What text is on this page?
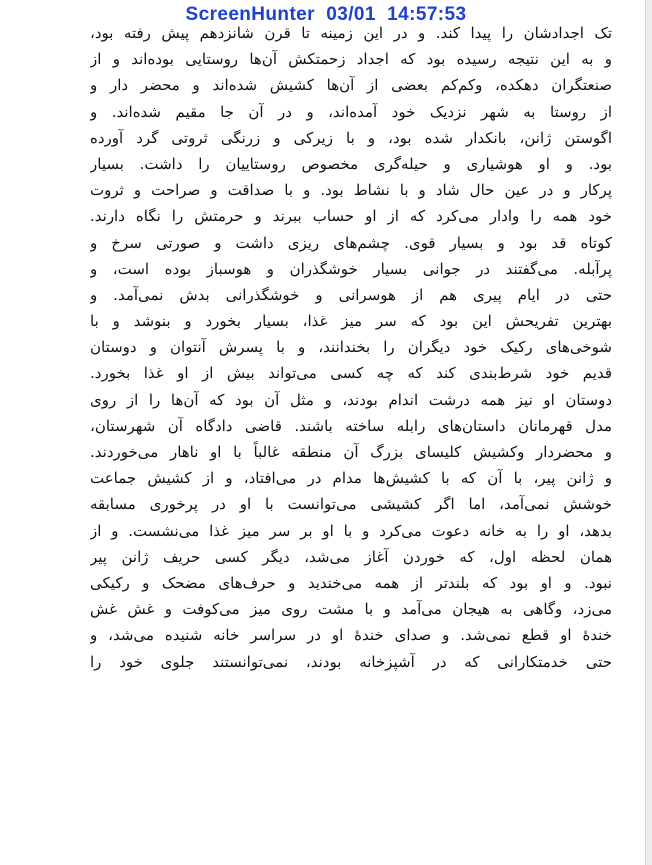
ScreenHunter  03/01  14:57:53
تک اجدادشان را پیدا کند. و در این زمینه تا قرن شانزدهم پیش رفته بود،
و به این نتیجه رسیده بود که اجداد زحمتکش آن‌ها روستایی بوده‌اند و از
صنعتگران دهکده، وکم‌کم بعضی از آن‌ها کشیش شده‌اند و محضر دار و
از روستا به شهر نزدیک خود آمده‌اند، و در آن جا مقیم شده‌اند. و
اگوستن ژانن، بانکدار شده بود، و با زیرکی و زرنگی ثروتی گرد آورده
بود. و او هوشیاری و حیله‌گری مخصوص روستاییان را داشت. بسیار
پرکار و در عین حال شاد و با نشاط بود. و با صداقت و صراحت و ثروت
خود همه را وادار می‌کرد که از او حساب ببرند و حرمتش را نگاه دارند.
کوتاه قد بود و بسیار قوی. چشم‌های ریزی داشت و صورتی سرخ و
پرآبله. می‌گفتند در جوانی بسیار خوشگذران و هوسباز بوده است، و
حتی در ایام پیری هم از هوسرانی و خوشگذرانی بدش نمی‌آمد. و
بهترین تفریحش این بود که سر میز غذا، بسیار بخورد و بنوشد و با
شوخی‌های رکیک خود دیگران را بخندانند، و با پسرش آنتوان و دوستان
قدیم خود شرط‌بندی کند که چه کسی می‌تواند بیش از او غذا بخورد.
دوستان او نیز همه درشت اندام بودند، و مثل آن بود که آن‌ها را از روی
مدل قهرمانان داستان‌های رابله ساخته باشند. قاضی دادگاه آن شهرستان،
و محضردار وکشیش کلیسای بزرگ آن منطقه غالباً با او ناهار می‌خوردند.
و ژانن پیر، با آن که با کشیش‌ها مدام در می‌افتاد، و از کشیش جماعت
خوشش نمی‌آمد، اما اگر کشیشی می‌توانست با او در پرخوری مسابقه
بدهد، او را به خانه دعوت می‌کرد و با او بر سر میز غذا می‌نشست. و از
همان لحظه اول، که خوردن آغاز می‌شد، دیگر کسی حریف ژانن پیر
نبود. و او بود که بلندتر از همه می‌خندید و حرف‌های مضحک و رکیکی
می‌زد، وگاهی به هیجان می‌آمد و با مشت روی میز می‌کوفت و غش غش
خندهٔ او قطع نمی‌شد. و صدای خندهٔ او در سراسر خانه شنیده می‌شد، و
حتی خدمتکارانی که در آشپزخانه بودند، نمی‌توانستند جلوی خود را
